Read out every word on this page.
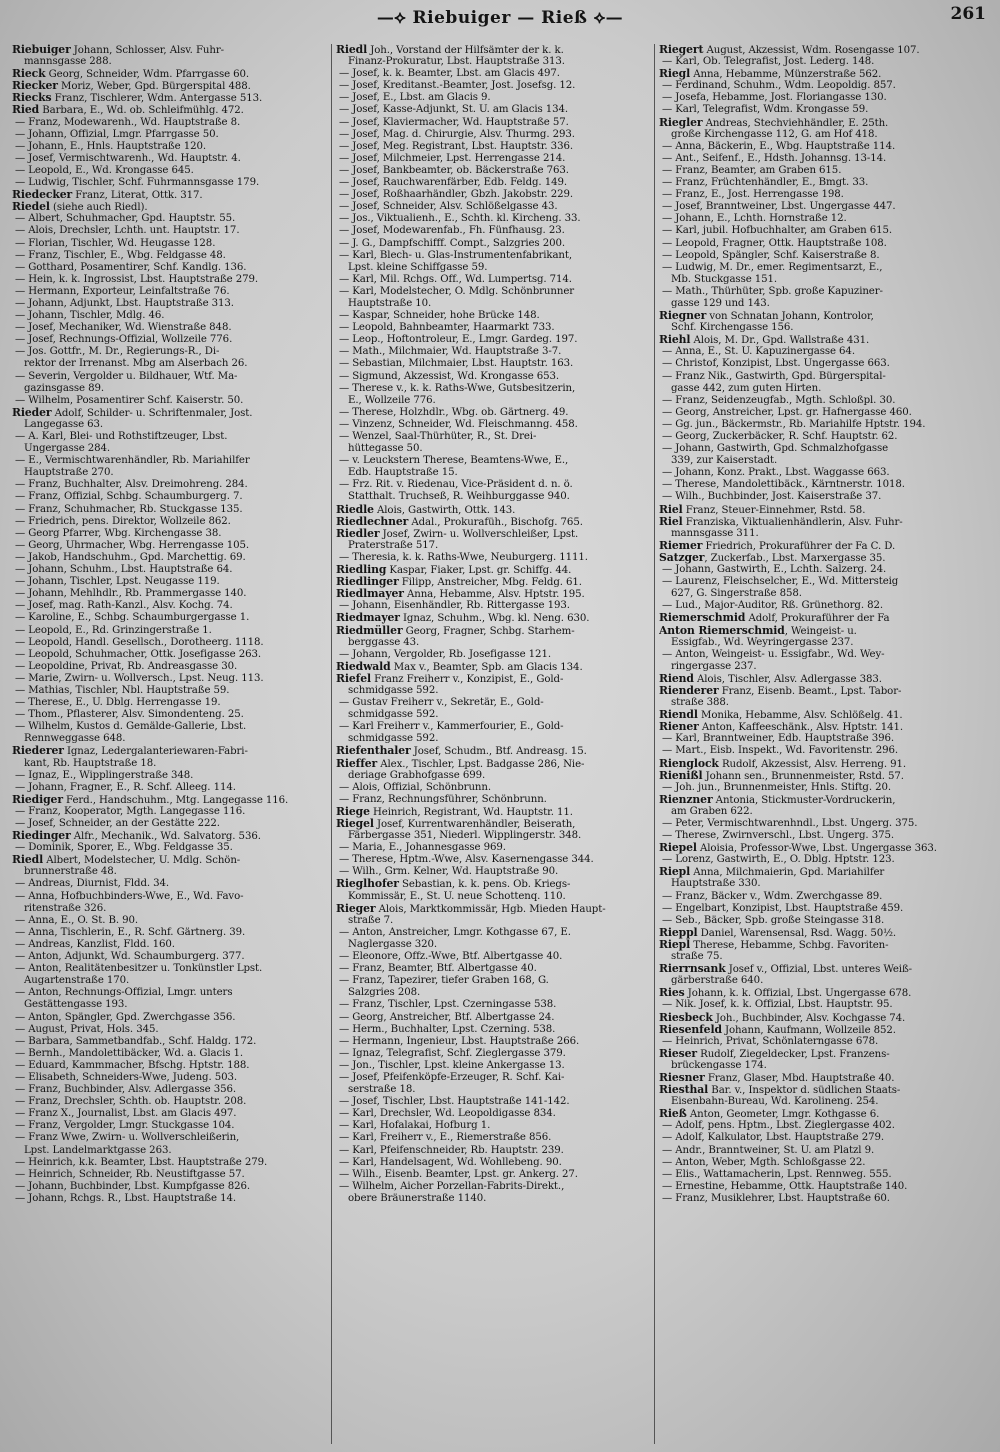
—⟡ Riebuiger — Rieß ⟡—	261
Riebuiger Johann, Schlosser, Alsv. Fuhr-
mannsgasse 288.
Rieck Georg, Schneider, Wdm. Pfarrgasse 60.
Riecker Moriz, Weber, Gpd. Bürgerspital 488.
Riecks Franz, Tischlerer, Wdm. Antergasse 513.
Ried Barbara, E., Wd. ob. Schleifmühlg. 472.
— Franz, Modewarenh., Wd. Hauptstraße 8.
— Johann, Offizial, Lmgr. Pfarrgasse 50.
— Johann, E., Hnls. Hauptstraße 120.
— Josef, Vermischtwarenh., Wd. Hauptstr. 4.
— Leopold, E., Wd. Krongasse 645.
— Ludwig, Tischler, Schf. Fuhrmannsgasse 179.
Riedecker Franz, Literat, Ottk. 317.
Riedel (siehe auch Riedl).
— Albert, Schuhmacher, Gpd. Hauptstr. 55.
— Alois, Drechsler, Lchth. unt. Hauptstr. 17.
— Florian, Tischler, Wd. Heugasse 128.
— Franz, Tischler, E., Wbg. Feldgasse 48.
— Gotthard, Posamentirer, Schf. Kandlg. 136.
— Hein, k. k. Ingrossist, Lbst. Hauptstraße 279.
— Hermann, Exporteur, Leinfaltstraße 76.
— Johann, Adjunkt, Lbst. Hauptstraße 313.
— Johann, Tischler, Mdlg. 46.
— Josef, Mechaniker, Wd. Wienstraße 848.
— Josef, Rechnungs-Offizial, Wollzeile 776.
— Jos. Gottfr., M. Dr., Regierungs-R., Di-
rektor der Irrenanst. Mbg am Alserbach 26.
— Severin, Vergolder u. Bildhauer, Wtf. Ma-
gazinsgasse 89.
— Wilhelm, Posamentirer Schf. Kaiserstr. 50.
Rieder Adolf, Schilder- u. Schriftenmaler, Jost.
Langegasse 63.
— A. Karl, Blei- und Rothstiftzeuger, Lbst.
Ungergasse 284.
— E., Vermischtwarenhändler, Rb. Mariahilfer
Hauptstraße 270.
— Franz, Buchhalter, Alsv. Dreimohreng. 284.
— Franz, Offizial, Schbg. Schaumburgerg. 7.
— Franz, Schuhmacher, Rb. Stuckgasse 135.
— Friedrich, pens. Direktor, Wollzeile 862.
— Georg Pfarrer, Wbg. Kirchengasse 38.
— Georg, Uhrmacher, Wbg. Herrengasse 105.
— Jakob, Handschuhm., Gpd. Marchettig. 69.
— Johann, Schuhm., Lbst. Hauptstraße 64.
— Johann, Tischler, Lpst. Neugasse 119.
— Johann, Mehlhdlr., Rb. Prammergasse 140.
— Josef, mag. Rath-Kanzl., Alsv. Kochg. 74.
— Karoline, E., Schbg. Schaumburgergasse 1.
— Leopold, E., Rd. Grinzingerstraße 1.
— Leopold, Handl. Gesellsch., Dorotheerg. 1118.
— Leopold, Schuhmacher, Ottk. Josefigasse 263.
— Leopoldine, Privat, Rb. Andreasgasse 30.
— Marie, Zwirn- u. Wollversch., Lpst. Neug. 113.
— Mathias, Tischler, Nbl. Hauptstraße 59.
— Therese, E., U. Dblg. Herrengasse 19.
— Thom., Pflasterer, Alsv. Simondenteng. 25.
— Wilhelm, Kustos d. Gemälde-Gallerie, Lbst.
Rennweggasse 648.
Riederer Ignaz, Ledergalanteriewaren-Fabri-
kant, Rb. Hauptstraße 18.
— Ignaz, E., Wipplingerstraße 348.
— Johann, Fragner, E., R. Schf. Alleeg. 114.
Riediger Ferd., Handschuhm., Mtg. Langegasse 116.
— Franz, Kooperator, Mgth. Langegasse 116.
— Josef, Schneider, an der Gestätte 222.
Riedinger Alfr., Mechanik., Wd. Salvatorg. 536.
— Dominik, Sporer, E., Wbg. Feldgasse 35.
Riedl Albert, Modelstecher, U. Mdlg. Schön-
brunnerstraße 48.
— Andreas, Diurnist, Fldd. 34.
— Anna, Hofbuchbinders-Wwe, E., Wd. Favo-
ritenstraße 326.
— Anna, E., O. St. B. 90.
— Anna, Tischlerin, E., R. Schf. Gärtnerg. 39.
— Andreas, Kanzlist, Fldd. 160.
— Anton, Adjunkt, Wd. Schaumburgerg. 377.
— Anton, Realitätenbesitzer u. Tonkünstler Lpst.
Augartenstraße 170.
— Anton, Rechnungs-Offizial, Lmgr. unters
Gestättengasse 193.
— Anton, Spängler, Gpd. Zwerchgasse 356.
— August, Privat, Hols. 345.
— Barbara, Sammetbandfab., Schf. Haldg. 172.
— Bernh., Mandolettibäcker, Wd. a. Glacis 1.
— Eduard, Kammmacher, Bfschg. Hptstr. 188.
— Elisabeth, Schneiders-Wwe, Judeng. 503.
— Franz, Buchbinder, Alsv. Adlergasse 356.
— Franz, Drechsler, Schth. ob. Hauptstr. 208.
— Franz X., Journalist, Lbst. am Glacis 497.
— Franz, Vergolder, Lmgr. Stuckgasse 104.
— Franz Wwe, Zwirn- u. Wollverschleißerin,
Lpst. Landelmarktgasse 263.
— Heinrich, k.k. Beamter, Lbst. Hauptstraße 279.
— Heinrich, Schneider, Rb. Neustiftgasse 57.
— Johann, Buchbinder, Lbst. Kumpfgasse 826.
— Johann, Rchgs. R., Lbst. Hauptstraße 14.
Riedl Joh., Vorstand der Hilfsämter der k. k.
Finanz-Prokuratur, Lbst. Hauptstraße 313.
— Josef, k. k. Beamter, Lbst. am Glacis 497.
— Josef, Kreditanst.-Beamter, Jost. Josefsg. 12.
— Josef, E., Lbst. am Glacis 9.
— Josef, Kasse-Adjunkt, St. U. am Glacis 134.
— Josef, Klaviermacher, Wd. Hauptstraße 57.
— Josef, Mag. d. Chirurgie, Alsv. Thurmg. 293.
— Josef, Meg. Registrant, Lbst. Hauptstr. 336.
— Josef, Milchmeier, Lpst. Herrengasse 214.
— Josef, Bankbeamter, ob. Bäckerstraße 763.
— Josef, Rauchwarenfärber, Edb. Feldg. 149.
— Josef, Roßhaarhändler, Gbzh. Jakobstr. 229.
— Josef, Schneider, Alsv. Schlößelgasse 43.
— Jos., Viktualienh., E., Schth. kl. Kircheng. 33.
— Josef, Modewarenfab., Fh. Fünfhausg. 23.
— J. G., Dampfschifff. Compt., Salzgries 200.
— Karl, Blech- u. Glas-Instrumentenfabrikant,
Lpst. kleine Schiffgasse 59.
— Karl, Mil. Rchgs. Off., Wd. Lumpertsg. 714.
— Karl, Modelstecher, O. Mdlg. Schönbrunner
Hauptstraße 10.
— Kaspar, Schneider, hohe Brücke 148.
— Leopold, Bahnbeamter, Haarmarkt 733.
— Leop., Hoftontroleur, E., Lmgr. Gardeg. 197.
— Math., Milchmaier, Wd. Hauptstraße 3-7.
— Sebastian, Milchmaier, Lbst. Hauptstr. 163.
— Sigmund, Akzessist, Wd. Krongasse 653.
— Therese v., k. k. Raths-Wwe, Gutsbesitzerin,
E., Wollzeile 776.
— Therese, Holzhdlr., Wbg. ob. Gärtnerg. 49.
— Vinzenz, Schneider, Wd. Fleischmanng. 458.
— Wenzel, Saal-Thürhüter, R., St. Drei-
hüttegasse 50.
— v. Leuckstern Therese, Beamtens-Wwe, E.,
Edb. Hauptstraße 15.
— Frz. Rit. v. Riedenau, Vice-Präsident d. n. ö.
Statthalt. Truchseß, R. Weihburggasse 940.
Riedle Alois, Gastwirth, Ottk. 143.
Riedlechner Adal., Prokurafüh., Bischofg. 765.
Riedler Josef, Zwirn- u. Wollverschleißer, Lpst.
Praterstraße 517.
— Theresia, k. k. Raths-Wwe, Neuburgerg. 1111.
Riedling Kaspar, Fiaker, Lpst. gr. Schiffg. 44.
Riedlinger Filipp, Anstreicher, Mbg. Feldg. 61.
Riedlmayer Anna, Hebamme, Alsv. Hptstr. 195.
— Johann, Eisenhändler, Rb. Rittergasse 193.
Riedmayer Ignaz, Schuhm., Wbg. kl. Neng. 630.
Riedmüller Georg, Fragner, Schbg. Starhem-
berggasse 43.
— Johann, Vergolder, Rb. Josefigasse 121.
Riedwald Max v., Beamter, Spb. am Glacis 134.
Riefel Franz Freiherr v., Konzipist, E., Gold-
schmidgasse 592.
— Gustav Freiherr v., Sekretär, E., Gold-
schmidgasse 592.
— Karl Freiherr v., Kammerfourier, E., Gold-
schmidgasse 592.
Riefenthaler Josef, Schudm., Btf. Andreasg. 15.
Rieffer Alex., Tischler, Lpst. Badgasse 286, Nie-
deriage Grabhofgasse 699.
— Alois, Offizial, Schönbrunn.
— Franz, Rechnungsführer, Schönbrunn.
Riege Heinrich, Registrant, Wd. Hauptstr. 11.
Riegel Josef, Kurrentwarenhändler, Beiserath,
Färbergasse 351, Niederl. Wipplingerstr. 348.
— Maria, E., Johannesgasse 969.
— Therese, Hptm.-Wwe, Alsv. Kasernengasse 344.
— Wilh., Grm. Kelner, Wd. Hauptstraße 90.
Rieglhofer Sebastian, k. k. pens. Ob. Kriegs-
Kommissär, E., St. U. neue Schottenq. 110.
Rieger Alois, Marktkommissär, Hgb. Mieden Haupt-
straße 7.
— Anton, Anstreicher, Lmgr. Kothgasse 67, E.
Naglergasse 320.
— Eleonore, Offz.-Wwe, Btf. Albertgasse 40.
— Franz, Beamter, Btf. Albertgasse 40.
— Franz, Tapezirer, tiefer Graben 168, G.
Salzgries 208.
— Franz, Tischler, Lpst. Czerningasse 538.
— Georg, Anstreicher, Btf. Albertgasse 24.
— Herm., Buchhalter, Lpst. Czerning. 538.
— Hermann, Ingenieur, Lbst. Hauptstraße 266.
— Ignaz, Telegrafist, Schf. Zieglergasse 379.
— Jon., Tischler, Lpst. kleine Ankergasse 13.
— Josef, Pfeifenköpfe-Erzeuger, R. Schf. Kai-
serstraße 18.
— Josef, Tischler, Lbst. Hauptstraße 141-142.
— Karl, Drechsler, Wd. Leopoldigasse 834.
— Karl, Hofalakai, Hofburg 1.
— Karl, Freiherr v., E., Riemerstraße 856.
— Karl, Pfeifenschneider, Rb. Hauptstr. 239.
— Karl, Handelsagent, Wd. Wohllebeng. 90.
— Wilh., Eisenb. Beamter, Lpst. gr. Ankerg. 27.
— Wilhelm, Aicher Porzellan-Fabrits-Direkt.,
obere Bräunerstraße 1140.
Riegert August, Akzessist, Wdm. Rosengasse 107.
— Karl, Ob. Telegrafist, Jost. Lederg. 148.
Riegl Anna, Hebamme, Münzerstraße 562.
— Ferdinand, Schuhm., Wdm. Leopoldig. 857.
— Josefa, Hebamme, Jost. Floriangasse 130.
— Karl, Telegrafist, Wdm. Krongasse 59.
Riegler Andreas, Stechviehhändler, E. 25th.
große Kirchengasse 112, G. am Hof 418.
— Anna, Bäckerin, E., Wbg. Hauptstraße 114.
— Ant., Seifenf., E., Hdsth. Johannsg. 13-14.
— Franz, Beamter, am Graben 615.
— Franz, Früchtenhändler, E., Bmgt. 33.
— Franz, E., Jost. Herrengasse 198.
— Josef, Branntweiner, Lbst. Ungergasse 447.
— Johann, E., Lchth. Hornstraße 12.
— Karl, jubil. Hofbuchhalter, am Graben 615.
— Leopold, Fragner, Ottk. Hauptstraße 108.
— Leopold, Spängler, Schf. Kaiserstraße 8.
— Ludwig, M. Dr., emer. Regimentsarzt, E.,
Mb. Stuckgasse 151.
— Math., Thürhüter, Spb. große Kapuziner-
gasse 129 und 143.
Riegner von Schnatan Johann, Kontrolor,
Schf. Kirchengasse 156.
Riehl Alois, M. Dr., Gpd. Wallstraße 431.
— Anna, E., St. U. Kapuzinergasse 64.
— Christof, Konzipist, Lbst. Ungergasse 663.
— Franz Nik., Gastwirth, Gpd. Bürgerspital-
gasse 442, zum guten Hirten.
— Franz, Seidenzeugfab., Mgth. Schloßpl. 30.
— Georg, Anstreicher, Lpst. gr. Hafnergasse 460.
— Gg. jun., Bäckermstr., Rb. Mariahilfe Hptstr. 194.
— Georg, Zuckerbäcker, R. Schf. Hauptstr. 62.
— Johann, Gastwirth, Gpd. Schmalzhofgasse
339, zur Kaiserstadt.
— Johann, Konz. Prakt., Lbst. Waggasse 663.
— Therese, Mandolettibäck., Kärntnerstr. 1018.
— Wilh., Buchbinder, Jost. Kaiserstraße 37.
Riel Franz, Steuer-Einnehmer, Rstd. 58.
Riel Franziska, Viktualienhändlerin, Alsv. Fuhr-
mannsgasse 311.
Riemer Friedrich, Prokuraführer der Fa C. D.
Satzger, Zuckerfab., Lbst. Marxergasse 35.
— Johann, Gastwirth, E., Lchth. Salzerg. 24.
— Laurenz, Fleischselcher, E., Wd. Mittersteig
627, G. Singerstraße 858.
— Lud., Major-Auditor, Rß. Grünethorg. 82.
Riemerschmid Adolf, Prokuraführer der Fa
Anton Riemerschmid, Weingeist- u.
Essigfab., Wd. Weyringergasse 237.
— Anton, Weingeist- u. Essigfabr., Wd. Wey-
ringergasse 237.
Riend Alois, Tischler, Alsv. Adlergasse 383.
Rienderer Franz, Eisenb. Beamt., Lpst. Tabor-
straße 388.
Riendl Monika, Hebamme, Alsv. Schlößelg. 41.
Riener Anton, Kaffeeschänk., Alsv. Hptstr. 141.
— Karl, Branntweiner, Edb. Hauptstraße 396.
— Mart., Eisb. Inspekt., Wd. Favoritenstr. 296.
Rienglock Rudolf, Akzessist, Alsv. Herreng. 91.
Rienißl Johann sen., Brunnenmeister, Rstd. 57.
— Joh. jun., Brunnenmeister, Hnls. Stiftg. 20.
Rienzner Antonia, Stickmuster-Vordruckerin,
am Graben 622.
— Peter, Vermischtwarenhndl., Lbst. Ungerg. 375.
— Therese, Zwirnverschl., Lbst. Ungerg. 375.
Riepel Aloisia, Professor-Wwe, Lbst. Ungergasse 363.
— Lorenz, Gastwirth, E., O. Dblg. Hptstr. 123.
Riepl Anna, Milchmaierin, Gpd. Mariahilfer
Hauptstraße 330.
— Franz, Bäcker v., Wdm. Zwerchgasse 89.
— Engelbart, Konzipist, Lbst. Hauptstraße 459.
— Seb., Bäcker, Spb. große Steingasse 318.
Rieppl Daniel, Warensensal, Rsd. Wagg. 50½.
Riepl Therese, Hebamme, Schbg. Favoriten-
straße 75.
Rierrnsank Josef v., Offizial, Lbst. unteres Weiß-
gärberstraße 640.
Ries Johann, k. k. Offizial, Lbst. Ungergasse 678.
— Nik. Josef, k. k. Offizial, Lbst. Hauptstr. 95.
Riesbeck Joh., Buchbinder, Alsv. Kochgasse 74.
Riesenfeld Johann, Kaufmann, Wollzeile 852.
— Heinrich, Privat, Schönlaterngasse 678.
Rieser Rudolf, Ziegeldecker, Lpst. Franzens-
brückengasse 174.
Riesner Franz, Glaser, Mbd. Hauptstraße 40.
Riesthal Bar. v., Inspektor d. südlichen Staats-
Eisenbahn-Bureau, Wd. Karolineng. 254.
Rieß Anton, Geometer, Lmgr. Kothgasse 6.
— Adolf, pens. Hptm., Lbst. Zieglergasse 402.
— Adolf, Kalkulator, Lbst. Hauptstraße 279.
— Andr., Branntweiner, St. U. am Platzl 9.
— Anton, Weber, Mgth. Schloßgasse 22.
— Elis., Wattamacherin, Lpst. Rennweg. 555.
— Ernestine, Hebamme, Ottk. Hauptstraße 140.
— Franz, Musiklehrer, Lbst. Hauptstraße 60.
